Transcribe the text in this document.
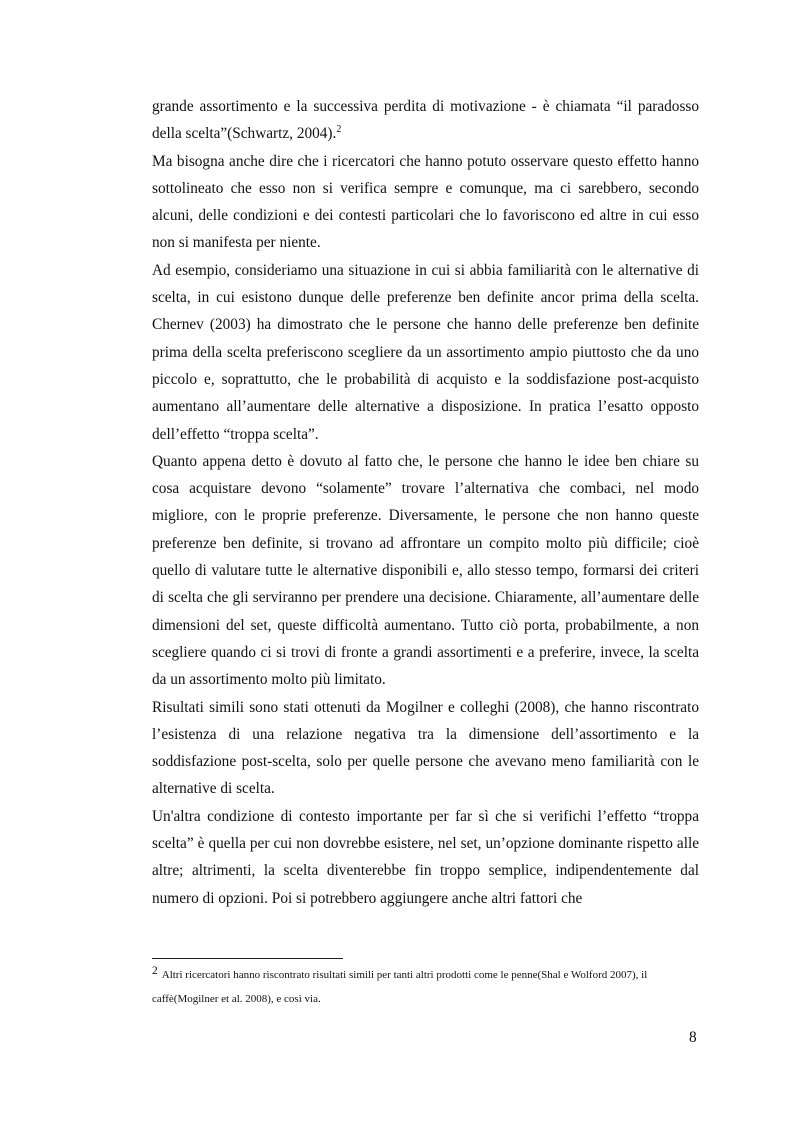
grande assortimento e la successiva perdita di motivazione - è chiamata “il paradosso della scelta”(Schwartz, 2004).$^2$

Ma bisogna anche dire che i ricercatori che hanno potuto osservare questo effetto hanno sottolineato che esso non si verifica sempre e comunque, ma ci sarebbero, secondo alcuni, delle condizioni e dei contesti particolari che lo favoriscono ed altre in cui esso non si manifesta per niente.

Ad esempio, consideriamo una situazione in cui si abbia familiarità con le alternative di scelta, in cui esistono dunque delle preferenze ben definite ancor prima della scelta. Chernev (2003) ha dimostrato che le persone che hanno delle preferenze ben definite prima della scelta preferiscono scegliere da un assortimento ampio piuttosto che da uno piccolo e, soprattutto, che le probabilità di acquisto e la soddisfazione post-acquisto aumentano all’aumentare delle alternative a disposizione. In pratica l’esatto opposto dell’effetto “troppa scelta”.

Quanto appena detto è dovuto al fatto che, le persone che hanno le idee ben chiare su cosa acquistare devono “solamente” trovare l’alternativa che combaci, nel modo migliore, con le proprie preferenze. Diversamente, le persone che non hanno queste preferenze ben definite, si trovano ad affrontare un compito molto più difficile; cioè quello di valutare tutte le alternative disponibili e, allo stesso tempo, formarsi dei criteri di scelta che gli serviranno per prendere una decisione. Chiaramente, all’aumentare delle dimensioni del set, queste difficoltà aumentano. Tutto ciò porta, probabilmente, a non scegliere quando ci si trovi di fronte a grandi assortimenti e a preferire, invece, la scelta da un assortimento molto più limitato.

Risultati simili sono stati ottenuti da Mogilner e colleghi (2008), che hanno riscontrato l’esistenza di una relazione negativa tra la dimensione dell’assortimento e la soddisfazione post-scelta, solo per quelle persone che avevano meno familiarità con le alternative di scelta.

Un'altra condizione di contesto importante per far sì che si verifichi l’effetto “troppa scelta” è quella per cui non dovrebbe esistere, nel set, un’opzione dominante rispetto alle altre; altrimenti, la scelta diventerebbe fin troppo semplice, indipendentemente dal numero di opzioni. Poi si potrebbero aggiungere anche altri fattori che

2 Altri ricercatori hanno riscontrato risultati simili per tanti altri prodotti come le penne(Shal e Wolford 2007), il caffè(Mogilner et al. 2008), e così via.
8
